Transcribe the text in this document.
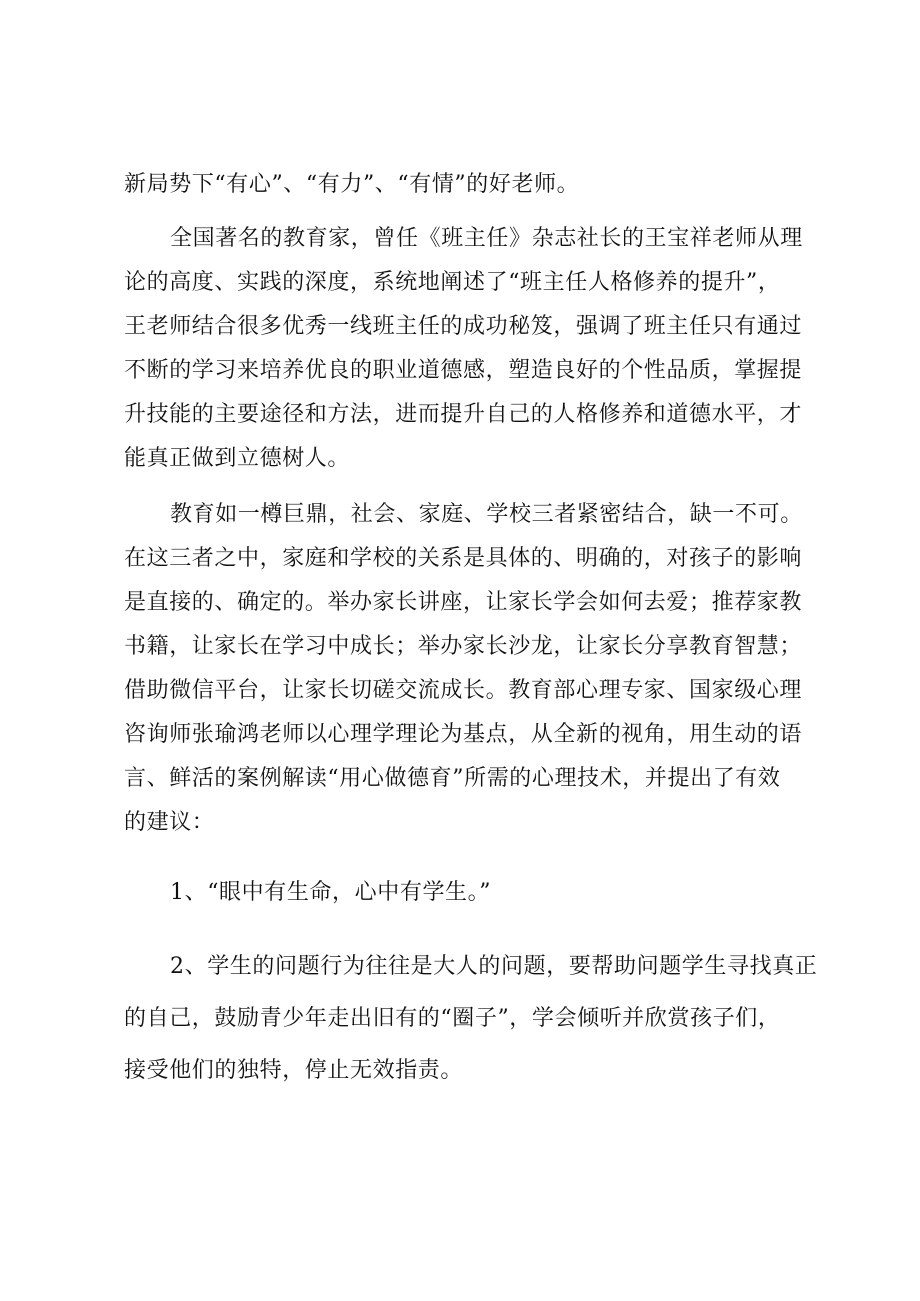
新局势下“有心”、“有力”、“有情”的好老师。
全国著名的教育家，曾任《班主任》杂志社长的王宝祥老师从理
论的高度、实践的深度，系统地阐述了“班主任人格修养的提升”，
王老师结合很多优秀一线班主任的成功秘笈，强调了班主任只有通过
不断的学习来培养优良的职业道德感，塑造良好的个性品质，掌握提
升技能的主要途径和方法，进而提升自己的人格修养和道德水平，才
能真正做到立德树人。
教育如一樽巨鼎，社会、家庭、学校三者紧密结合，缺一不可。
在这三者之中，家庭和学校的关系是具体的、明确的，对孩子的影响
是直接的、确定的。举办家长讲座，让家长学会如何去爱；推荐家教
书籍，让家长在学习中成长；举办家长沙龙，让家长分享教育智慧；
借助微信平台，让家长切磋交流成长。教育部心理专家、国家级心理
咨询师张瑜鸿老师以心理学理论为基点，从全新的视角，用生动的语
言、鲜活的案例解读“用心做德育”所需的心理技术，并提出了有效
的建议：
1、“眼中有生命，心中有学生。”
2、学生的问题行为往往是大人的问题，要帮助问题学生寻找真正
的自己，鼓励青少年走出旧有的“圈子”，学会倾听并欣赏孩子们，
接受他们的独特，停止无效指责。
